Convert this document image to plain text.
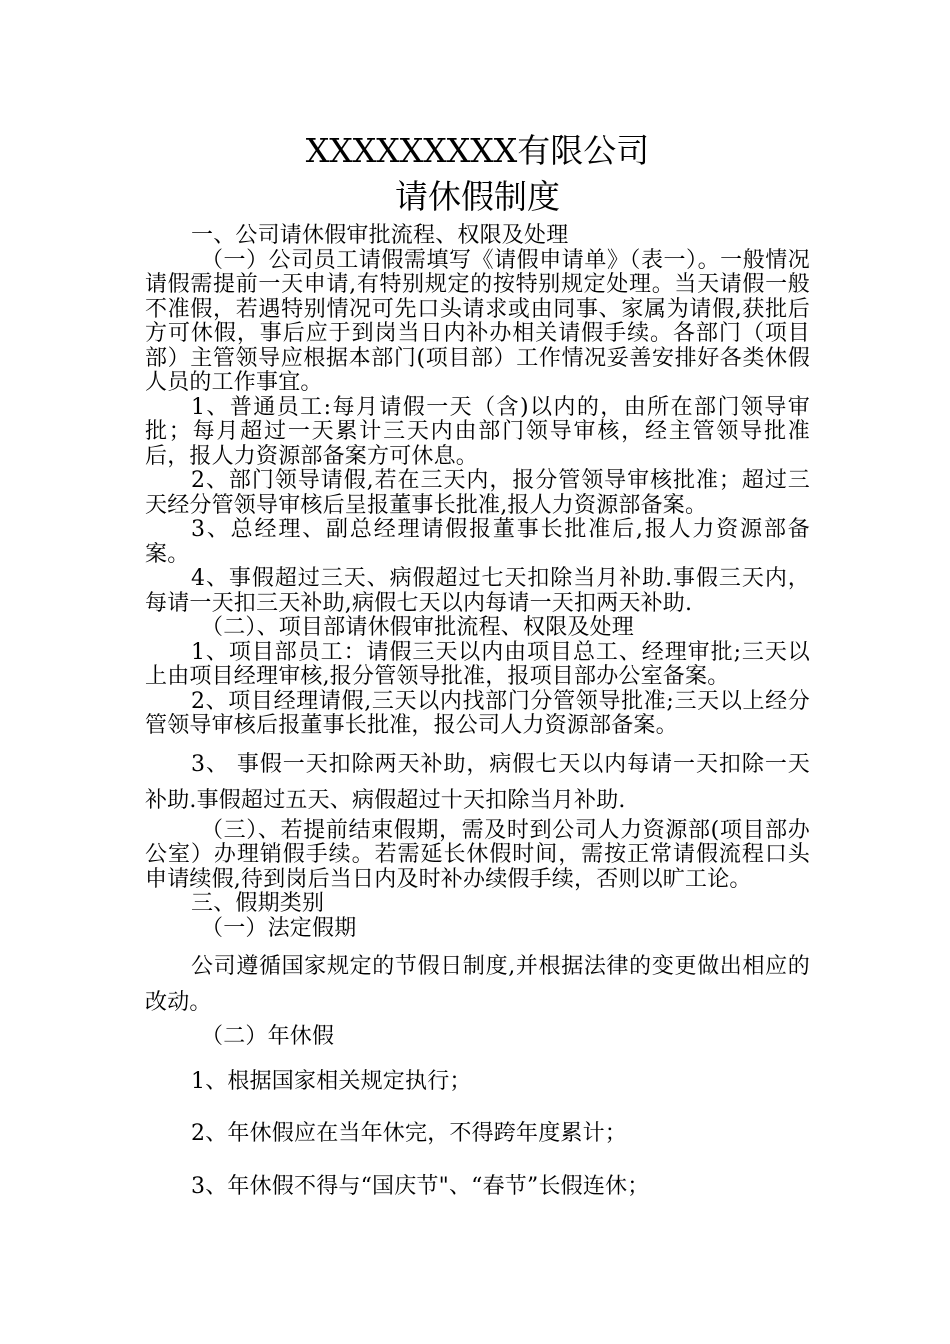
XXXXXXXXX有限公司
请休假制度

一、公司请休假审批流程、权限及处理

（一）公司员工请假需填写《请假申请单》（表一）。一般情况请假需提前一天申请,有特别规定的按特别规定处理。当天请假一般不准假，若遇特别情况可先口头请求或由同事、家属为请假,获批后方可休假，事后应于到岗当日内补办相关请假手续。各部门（项目部）主管领导应根据本部门(项目部）工作情况妥善安排好各类休假人员的工作事宜。

1、普通员工:每月请假一天（含)以内的，由所在部门领导审批；每月超过一天累计三天内由部门领导审核，经主管领导批准后，报人力资源部备案方可休息。

2、部门领导请假,若在三天内，报分管领导审核批准；超过三天经分管领导审核后呈报董事长批准,报人力资源部备案。

3、总经理、副总经理请假报董事长批准后,报人力资源部备案。

4、事假超过三天、病假超过七天扣除当月补助.事假三天内，每请一天扣三天补助,病假七天以内每请一天扣两天补助.

（二）、项目部请休假审批流程、权限及处理

1、项目部员工：请假三天以内由项目总工、经理审批;三天以上由项目经理审核,报分管领导批准，报项目部办公室备案。

2、项目经理请假,三天以内找部门分管领导批准;三天以上经分管领导审核后报董事长批准，报公司人力资源部备案。

3、 事假一天扣除两天补助，病假七天以内每请一天扣除一天补助.事假超过五天、病假超过十天扣除当月补助.

（三）、若提前结束假期，需及时到公司人力资源部(项目部办公室）办理销假手续。若需延长休假时间，需按正常请假流程口头申请续假,待到岗后当日内及时补办续假手续，否则以旷工论。

三、假期类别

（一）法定假期

公司遵循国家规定的节假日制度,并根据法律的变更做出相应的改动。

（二）年休假

1、根据国家相关规定执行；

2、年休假应在当年休完，不得跨年度累计；

3、年休假不得与“国庆节"、“春节”长假连休；
